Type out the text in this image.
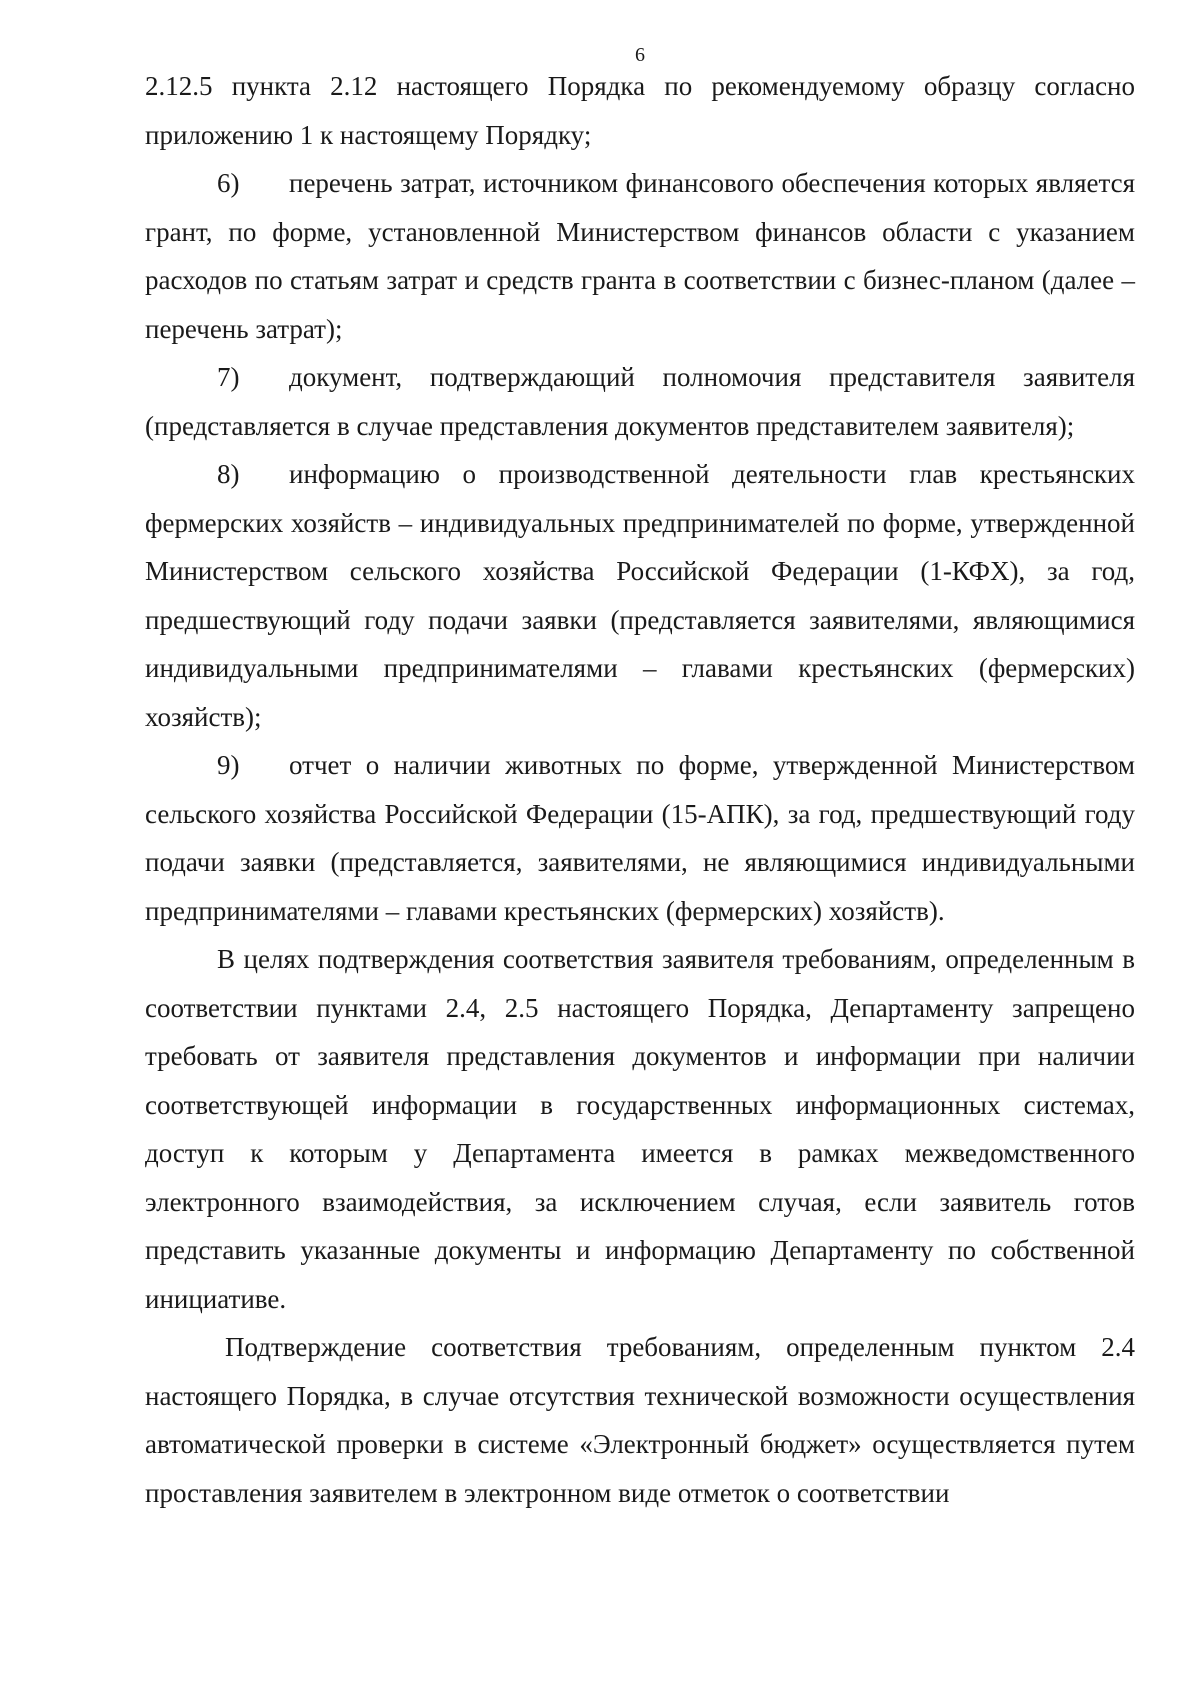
6

2.12.5 пункта 2.12 настоящего Порядка по рекомендуемому образцу согласно приложению 1 к настоящему Порядку;

6) перечень затрат, источником финансового обеспечения которых является грант, по форме, установленной Министерством финансов области с указанием расходов по статьям затрат и средств гранта в соответствии с бизнес-планом (далее – перечень затрат);

7) документ, подтверждающий полномочия представителя заявителя (представляется в случае представления документов представителем заявителя);

8) информацию о производственной деятельности глав крестьянских фермерских хозяйств – индивидуальных предпринимателей по форме, утвержденной Министерством сельского хозяйства Российской Федерации (1-КФХ), за год, предшествующий году подачи заявки (представляется заявителями, являющимися индивидуальными предпринимателями – главами крестьянских (фермерских) хозяйств);

9) отчет о наличии животных по форме, утвержденной Министерством сельского хозяйства Российской Федерации (15-АПК), за год, предшествующий году подачи заявки (представляется, заявителями, не являющимися индивидуальными предпринимателями – главами крестьянских (фермерских) хозяйств).

В целях подтверждения соответствия заявителя требованиям, определенным в соответствии пунктами 2.4, 2.5 настоящего Порядка, Департаменту запрещено требовать от заявителя представления документов и информации при наличии соответствующей информации в государственных информационных системах, доступ к которым у Департамента имеется в рамках межведомственного электронного взаимодействия, за исключением случая, если заявитель готов представить указанные документы и информацию Департаменту по собственной инициативе.

Подтверждение соответствия требованиям, определенным пунктом 2.4 настоящего Порядка, в случае отсутствия технической возможности осуществления автоматической проверки в системе «Электронный бюджет» осуществляется путем проставления заявителем в электронном виде отметок о соответствии
